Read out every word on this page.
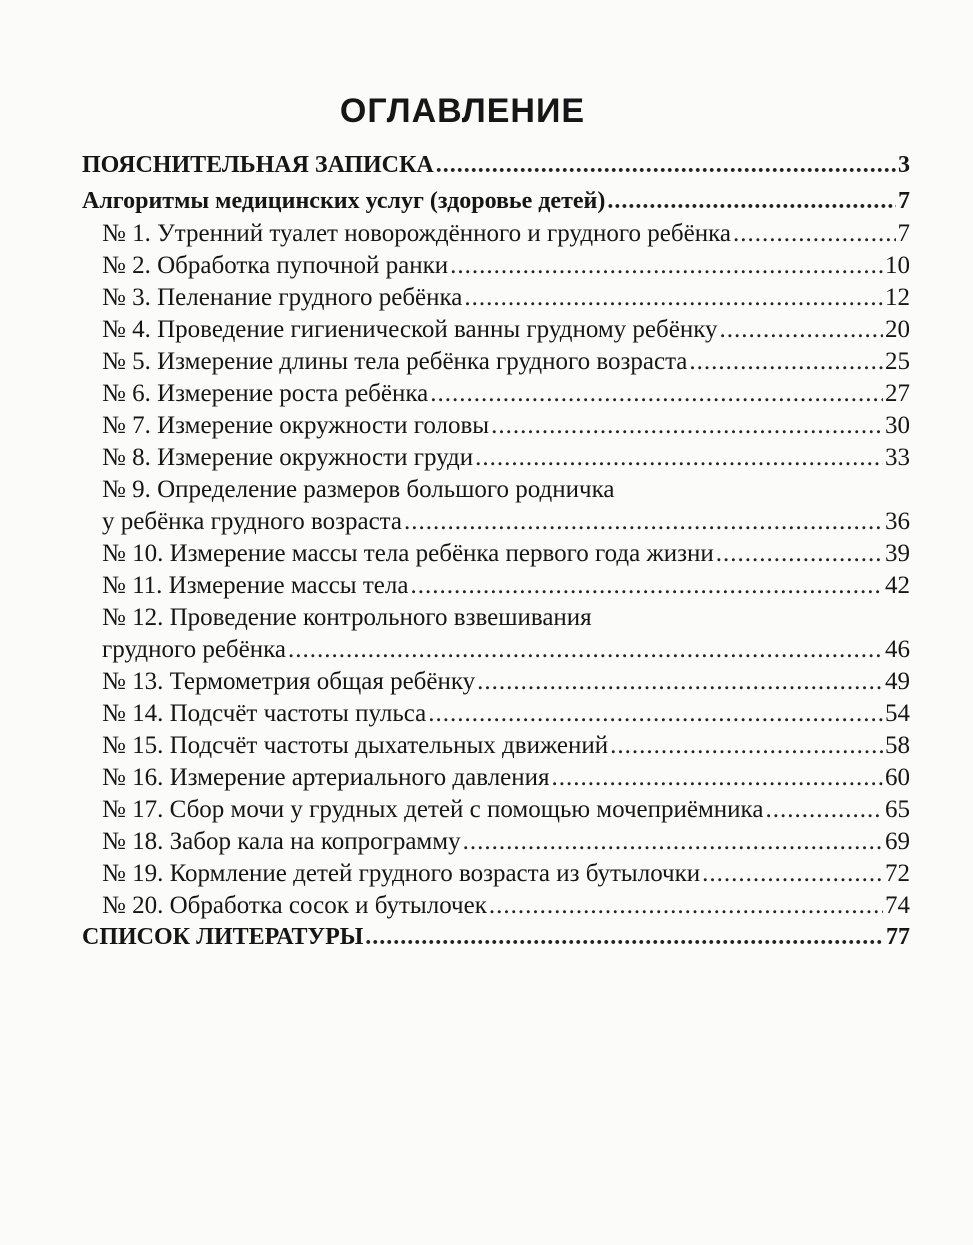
ОГЛАВЛЕНИЕ
ПОЯСНИТЕЛЬНАЯ ЗАПИСКА .....	3
Алгоритмы медицинских услуг (здоровье детей) .....	7
№ 1. Утренний туалет новорождённого и грудного ребёнка .....	7
№ 2. Обработка пупочной ранки .....	10
№ 3. Пеленание грудного ребёнка .....	12
№ 4. Проведение гигиенической ванны грудному ребёнку .....	20
№ 5. Измерение длины тела ребёнка грудного возраста .....	25
№ 6. Измерение роста ребёнка .....	27
№ 7. Измерение окружности головы .....	30
№ 8. Измерение окружности груди .....	33
№ 9. Определение размеров большого родничка
у ребёнка грудного возраста .....	36
№ 10. Измерение массы тела ребёнка первого года жизни .....	39
№ 11. Измерение массы тела .....	42
№ 12. Проведение контрольного взвешивания
грудного ребёнка .....	46
№ 13. Термометрия общая ребёнку .....	49
№ 14. Подсчёт частоты пульса .....	54
№ 15. Подсчёт частоты дыхательных движений .....	58
№ 16. Измерение артериального давления .....	60
№ 17. Сбор мочи у грудных детей с помощью мочеприёмника .....	65
№ 18. Забор кала на копрограмму .....	69
№ 19. Кормление детей грудного возраста из бутылочки .....	72
№ 20. Обработка сосок и бутылочек .....	74
СПИСОК ЛИТЕРАТУРЫ .....	77
